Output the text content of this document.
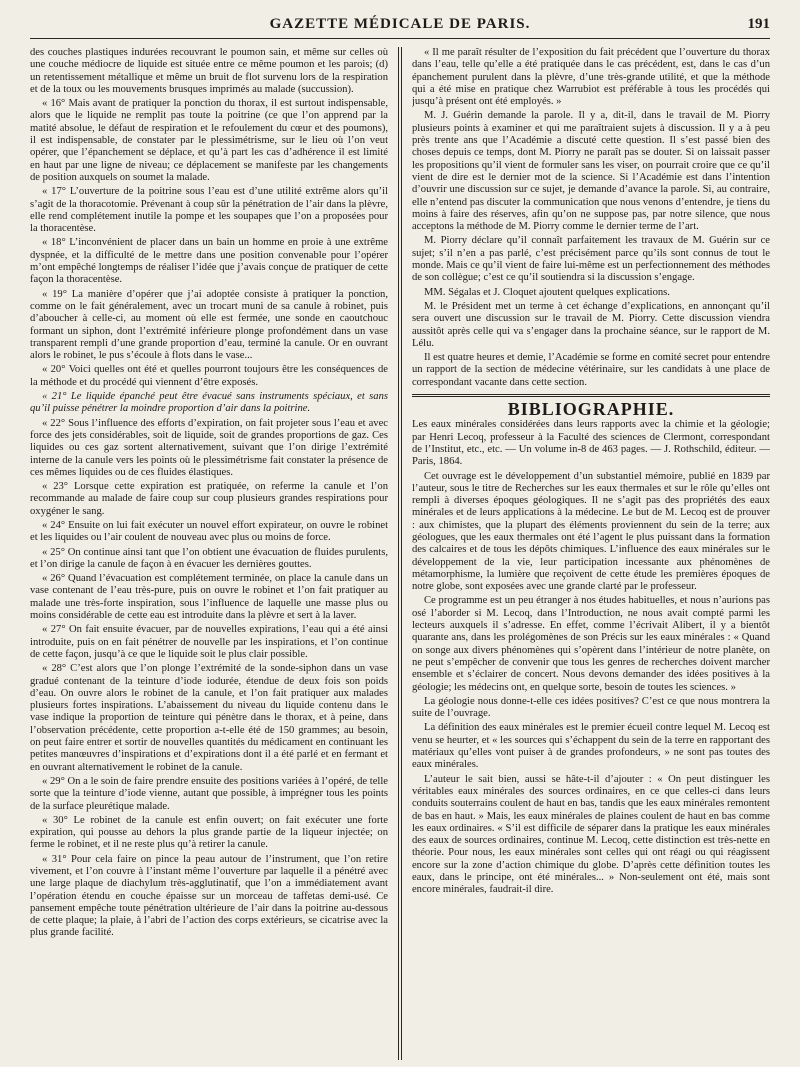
GAZETTE MÉDICALE DE PARIS.	191

des couches plastiques indurées recouvrant le poumon sain, et même sur celles où une couche médiocre de liquide est située entre ce même poumon et les parois; (d) un retentissement métallique et même un bruit de flot survenu lors de la respiration et de la toux ou les mouvements brusques imprimés au malade (succussion).

« 16° Mais avant de pratiquer la ponction du thorax, il est surtout indispensable, alors que le liquide ne remplit pas toute la poitrine (ce que l’on apprend par la matité absolue, le défaut de respiration et le refoulement du cœur et des poumons), il est indispensable, de constater par le plessimétrisme, sur le lieu où l’on veut opérer, que l’épanchement se déplace, et qu’à part les cas d’adhérence il est limité en haut par une ligne de niveau; ce déplacement se manifeste par les changements de position auxquels on soumet la malade.

« 17° L’ouverture de la poitrine sous l’eau est d’une utilité extrême alors qu’il s’agit de la thoracotomie. Prévenant à coup sûr la pénétration de l’air dans la plèvre, elle rend complétement inutile la pompe et les soupapes que l’on a proposées pour la thoracentèse.

« 18° L’inconvénient de placer dans un bain un homme en proie à une extrême dyspnée, et la difficulté de le mettre dans une position convenable pour l’opérer m’ont empêché longtemps de réaliser l’idée que j’avais conçue de pratiquer de cette façon la thoracentèse.

« 19° La manière d’opérer que j’ai adoptée consiste à pratiquer la ponction, comme on le fait généralement, avec un trocart muni de sa canule à robinet, puis d’aboucher à celle-ci, au moment où elle est fermée, une sonde en caoutchouc formant un siphon, dont l’extrémité inférieure plonge profondément dans un vase transparent rempli d’une grande proportion d’eau, terminé la canule. Or en ouvrant alors le robinet, le pus s’écoule à flots dans le vase...

« 20° Voici quelles ont été et quelles pourront toujours être les conséquences de la méthode et du procédé qui viennent d’être exposés.

« 21° Le liquide épanché peut être évacué sans instruments spéciaux, et sans qu’il puisse pénétrer la moindre proportion d’air dans la poitrine.

« 22° Sous l’influence des efforts d’expiration, on fait projeter sous l’eau et avec force des jets considérables, soit de liquide, soit de grandes proportions de gaz. Ces liquides ou ces gaz sortent alternativement, suivant que l’on dirige l’extrémité interne de la canule vers les points où le plessimétrisme fait constater la présence de ces mêmes liquides ou de ces fluides élastiques.

« 23° Lorsque cette expiration est pratiquée, on referme la canule et l’on recommande au malade de faire coup sur coup plusieurs grandes respirations pour oxygéner le sang.

« 24° Ensuite on lui fait exécuter un nouvel effort expirateur, on ouvre le robinet et les liquides ou l’air coulent de nouveau avec plus ou moins de force.

« 25° On continue ainsi tant que l’on obtient une évacuation de fluides purulents, et l’on dirige la canule de façon à en évacuer les dernières gouttes.

« 26° Quand l’évacuation est complétement terminée, on place la canule dans un vase contenant de l’eau très-pure, puis on ouvre le robinet et l’on fait pratiquer au malade une très-forte inspiration, sous l’influence de laquelle une masse plus ou moins considérable de cette eau est introduite dans la plèvre et sert à la laver.

« 27° On fait ensuite évacuer, par de nouvelles expirations, l’eau qui a été ainsi introduite, puis on en fait pénétrer de nouvelle par les inspirations, et l’on continue de cette façon, jusqu’à ce que le liquide soit le plus clair possible.

« 28° C’est alors que l’on plonge l’extrémité de la sonde-siphon dans un vase gradué contenant de la teinture d’iode iodurée, étendue de deux fois son poids d’eau. On ouvre alors le robinet de la canule, et l’on fait pratiquer aux malades plusieurs fortes inspirations. L’abaissement du niveau du liquide contenu dans le vase indique la proportion de teinture qui pénètre dans le thorax, et à peine, dans l’observation précédente, cette proportion a-t-elle été de 150 grammes; au besoin, on peut faire entrer et sortir de nouvelles quantités du médicament en continuant les petites manœuvres d’inspirations et d’expirations dont il a été parlé et en fermant et en ouvrant alternativement le robinet de la canule.

« 29° On a le soin de faire prendre ensuite des positions variées à l’opéré, de telle sorte que la teinture d’iode vienne, autant que possible, à imprégner tous les points de la surface pleurétique malade.

« 30° Le robinet de la canule est enfin ouvert; on fait exécuter une forte expiration, qui pousse au dehors la plus grande partie de la liqueur injectée; on ferme le robinet, et il ne reste plus qu’à retirer la canule.

« 31° Pour cela faire on pince la peau autour de l’instrument, que l’on retire vivement, et l’on couvre à l’instant même l’ouverture par laquelle il a pénétré avec une large plaque de diachylum très-agglutinatif, que l’on a immédiatement avant l’opération étendu en couche épaisse sur un morceau de taffetas demi-usé. Ce pansement empêche toute pénétration ultérieure de l’air dans la poitrine au-dessous de cette plaque; la plaie, à l’abri de l’action des corps extérieurs, se cicatrise avec la plus grande facilité.

« Il me paraît résulter de l’exposition du fait précédent que l’ouverture du thorax dans l’eau, telle qu’elle a été pratiquée dans le cas précédent, est, dans le cas d’un épanchement purulent dans la plèvre, d’une très-grande utilité, et que la méthode qui a été mise en pratique chez Warrubiot est préférable à tous les procédés qui jusqu’à présent ont été employés. »

M. J. Guérin demande la parole. Il y a, dit-il, dans le travail de M. Piorry plusieurs points à examiner et qui me paraîtraient sujets à discussion. Il y a à peu près trente ans que l’Académie a discuté cette question. Il s’est passé bien des choses depuis ce temps, dont M. Piorry ne paraît pas se douter. Si on laissait passer les propositions qu’il vient de formuler sans les viser, on pourrait croire que ce qu’il vient de dire est le dernier mot de la science. Si l’Académie est dans l’intention d’ouvrir une discussion sur ce sujet, je demande d’avance la parole. Si, au contraire, elle n’entend pas discuter la communication que nous venons d’entendre, je tiens du moins à faire des réserves, afin qu’on ne suppose pas, par notre silence, que nous acceptons la méthode de M. Piorry comme le dernier terme de l’art.

M. Piorry déclare qu’il connaît parfaitement les travaux de M. Guérin sur ce sujet; s’il n’en a pas parlé, c’est précisément parce qu’ils sont connus de tout le monde. Mais ce qu’il vient de faire lui-même est un perfectionnement des méthodes de son collègue; c’est ce qu’il soutiendra si la discussion s’engage.

MM. Ségalas et J. Cloquet ajoutent quelques explications.

M. le Président met un terme à cet échange d’explications, en annonçant qu’il sera ouvert une discussion sur le travail de M. Piorry. Cette discussion viendra aussitôt après celle qui va s’engager dans la prochaine séance, sur le rapport de M. Lélu.

Il est quatre heures et demie, l’Académie se forme en comité secret pour entendre un rapport de la section de médecine vétérinaire, sur les candidats à une place de correspondant vacante dans cette section.

BIBLIOGRAPHIE.

Les eaux minérales considérées dans leurs rapports avec la chimie et la géologie; par Henri Lecoq, professeur à la Faculté des sciences de Clermont, correspondant de l’Institut, etc., etc. — Un volume in-8 de 463 pages. — J. Rothschild, éditeur. — Paris, 1864.

Cet ouvrage est le développement d’un substantiel mémoire, publié en 1839 par l’auteur, sous le titre de Recherches sur les eaux thermales et sur le rôle qu’elles ont rempli à diverses époques géologiques. Il ne s’agit pas des propriétés des eaux minérales et de leurs applications à la médecine. Le but de M. Lecoq est de prouver : aux chimistes, que la plupart des éléments proviennent du sein de la terre; aux géologues, que les eaux thermales ont été l’agent le plus puissant dans la formation des calcaires et de tous les dépôts chimiques. L’influence des eaux minérales sur le développement de la vie, leur participation incessante aux phénomènes de métamorphisme, la lumière que reçoivent de cette étude les premières époques de notre globe, sont exposées avec une grande clarté par le professeur.

Ce programme est un peu étranger à nos études habituelles, et nous n’aurions pas osé l’aborder si M. Lecoq, dans l’Introduction, ne nous avait compté parmi les lecteurs auxquels il s’adresse. En effet, comme l’écrivait Alibert, il y a bientôt quarante ans, dans les prolégomènes de son Précis sur les eaux minérales : « Quand on songe aux divers phénomènes qui s’opèrent dans l’intérieur de notre planète, on ne peut s’empêcher de convenir que tous les genres de recherches doivent marcher ensemble et s’éclairer de concert. Nous devons demander des idées positives à la géologie; les médecins ont, en quelque sorte, besoin de toutes les sciences. »

La géologie nous donne-t-elle ces idées positives? C’est ce que nous montrera la suite de l’ouvrage.

La définition des eaux minérales est le premier écueil contre lequel M. Lecoq est venu se heurter, et « les sources qui s’échappent du sein de la terre en rapportant des matériaux qu’elles vont puiser à de grandes profondeurs, » ne sont pas toutes des eaux minérales.

L’auteur le sait bien, aussi se hâte-t-il d’ajouter : « On peut distinguer les véritables eaux minérales des sources ordinaires, en ce que celles-ci dans leurs conduits souterrains coulent de haut en bas, tandis que les eaux minérales remontent de bas en haut. » Mais, les eaux minérales de plaines coulent de haut en bas comme les eaux ordinaires. « S’il est difficile de séparer dans la pratique les eaux minérales des eaux de sources ordinaires, continue M. Lecoq, cette distinction est très-nette en théorie. Pour nous, les eaux minérales sont celles qui ont réagi ou qui réagissent encore sur la zone d’action chimique du globe. D’après cette définition toutes les eaux, dans le principe, ont été minérales... » Non-seulement ont été, mais sont encore minérales, faudrait-il dire.
